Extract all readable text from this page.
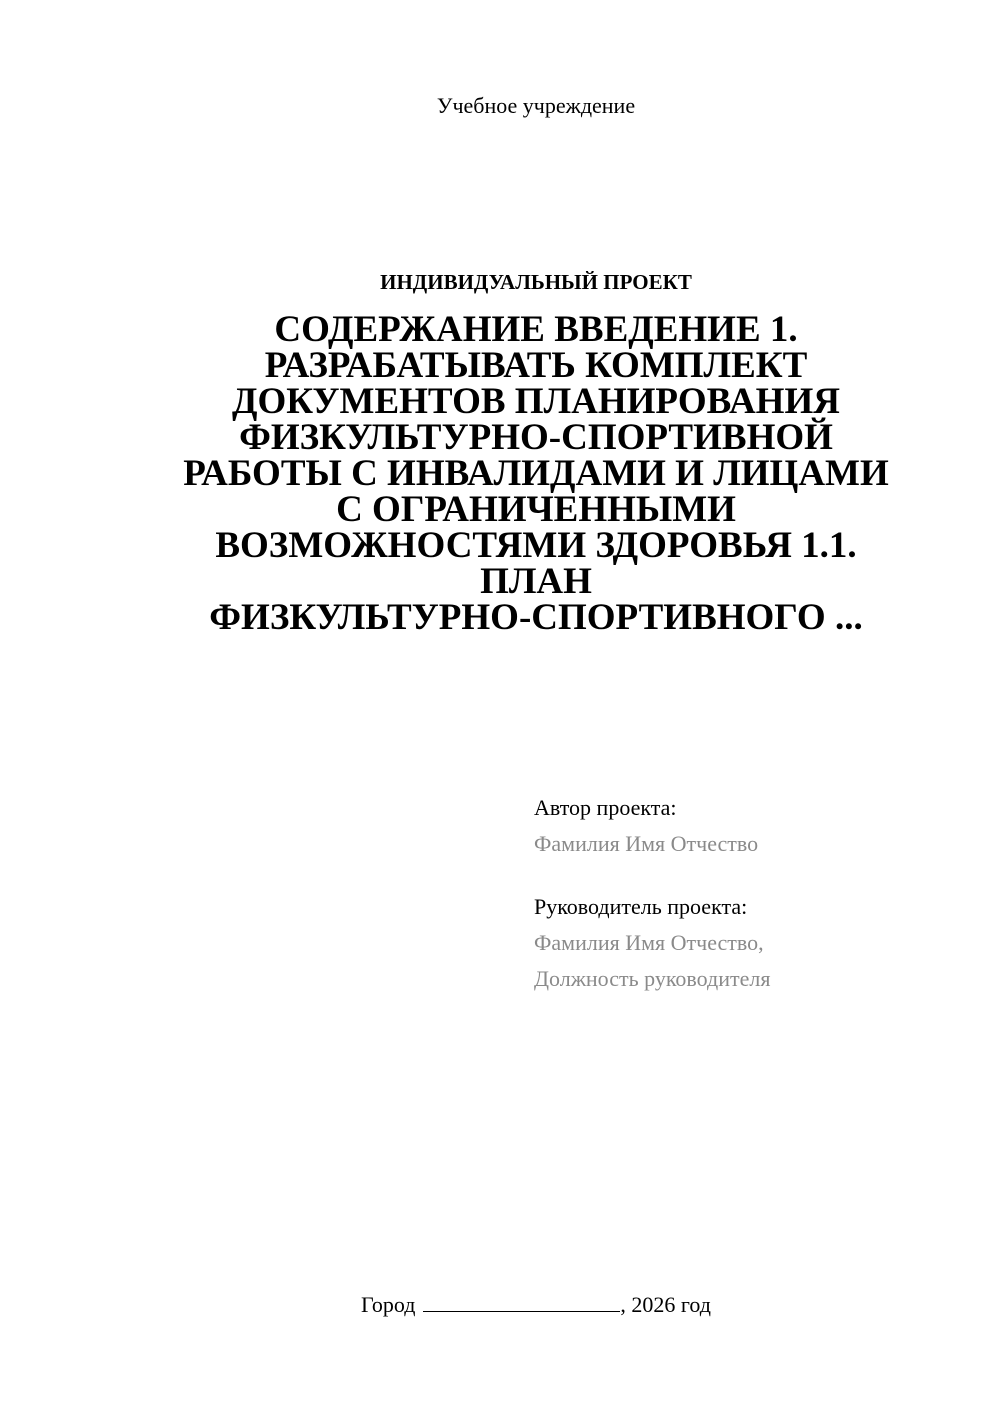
Учебное учреждение
ИНДИВИДУАЛЬНЫЙ ПРОЕКТ
СОДЕРЖАНИЕ ВВЕДЕНИЕ 1.
РАЗРАБАТЫВАТЬ КОМПЛЕКТ
ДОКУМЕНТОВ ПЛАНИРОВАНИЯ
ФИЗКУЛЬТУРНО-СПОРТИВНОЙ
РАБОТЫ С ИНВАЛИДАМИ И ЛИЦАМИ
С ОГРАНИЧЕННЫМИ
ВОЗМОЖНОСТЯМИ ЗДОРОВЬЯ 1.1.
ПЛАН
ФИЗКУЛЬТУРНО-СПОРТИВНОГО ...
Автор проекта:
Фамилия Имя Отчество
Руководитель проекта:
Фамилия Имя Отчество,
Должность руководителя
Город	, 2026 год
